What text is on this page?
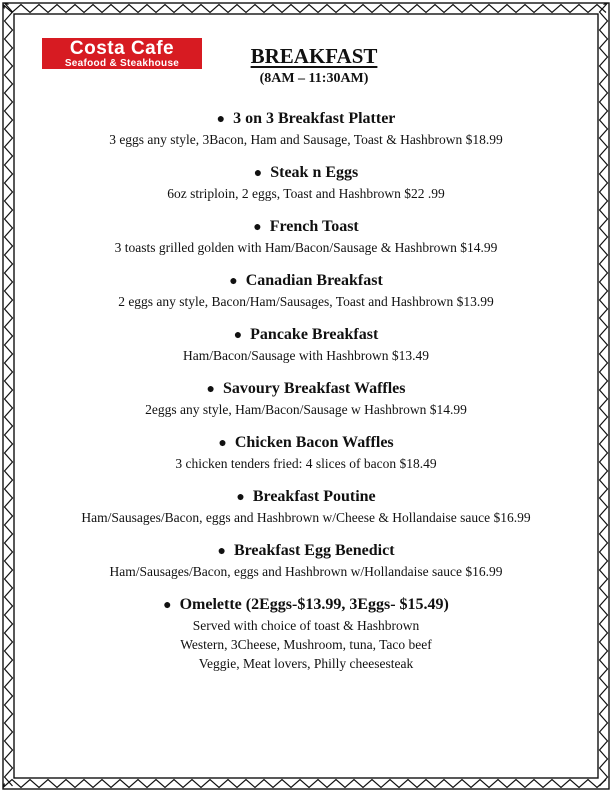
Costa Cafe
Seafood & Steakhouse	BREAKFAST
(8AM – 11:30AM)
● 3 on 3 Breakfast Platter
3 eggs any style, 3Bacon, Ham and Sausage, Toast & Hashbrown $18.99
● Steak n Eggs
6oz striploin, 2 eggs, Toast and Hashbrown $22 .99
● French Toast
3 toasts grilled golden with Ham/Bacon/Sausage & Hashbrown $14.99
● Canadian Breakfast
2 eggs any style, Bacon/Ham/Sausages, Toast and Hashbrown $13.99
● Pancake Breakfast
Ham/Bacon/Sausage with Hashbrown $13.49
● Savoury Breakfast Waffles
2eggs any style, Ham/Bacon/Sausage w Hashbrown $14.99
● Chicken Bacon Waffles
3 chicken tenders fried: 4 slices of bacon $18.49
● Breakfast Poutine
Ham/Sausages/Bacon, eggs and Hashbrown w/Cheese & Hollandaise sauce $16.99
● Breakfast Egg Benedict
Ham/Sausages/Bacon, eggs and Hashbrown w/Hollandaise sauce $16.99
● Omelette (2Eggs-$13.99, 3Eggs- $15.49)
Served with choice of toast & Hashbrown
Western, 3Cheese, Mushroom, tuna, Taco beef
Veggie, Meat lovers, Philly cheesesteak
